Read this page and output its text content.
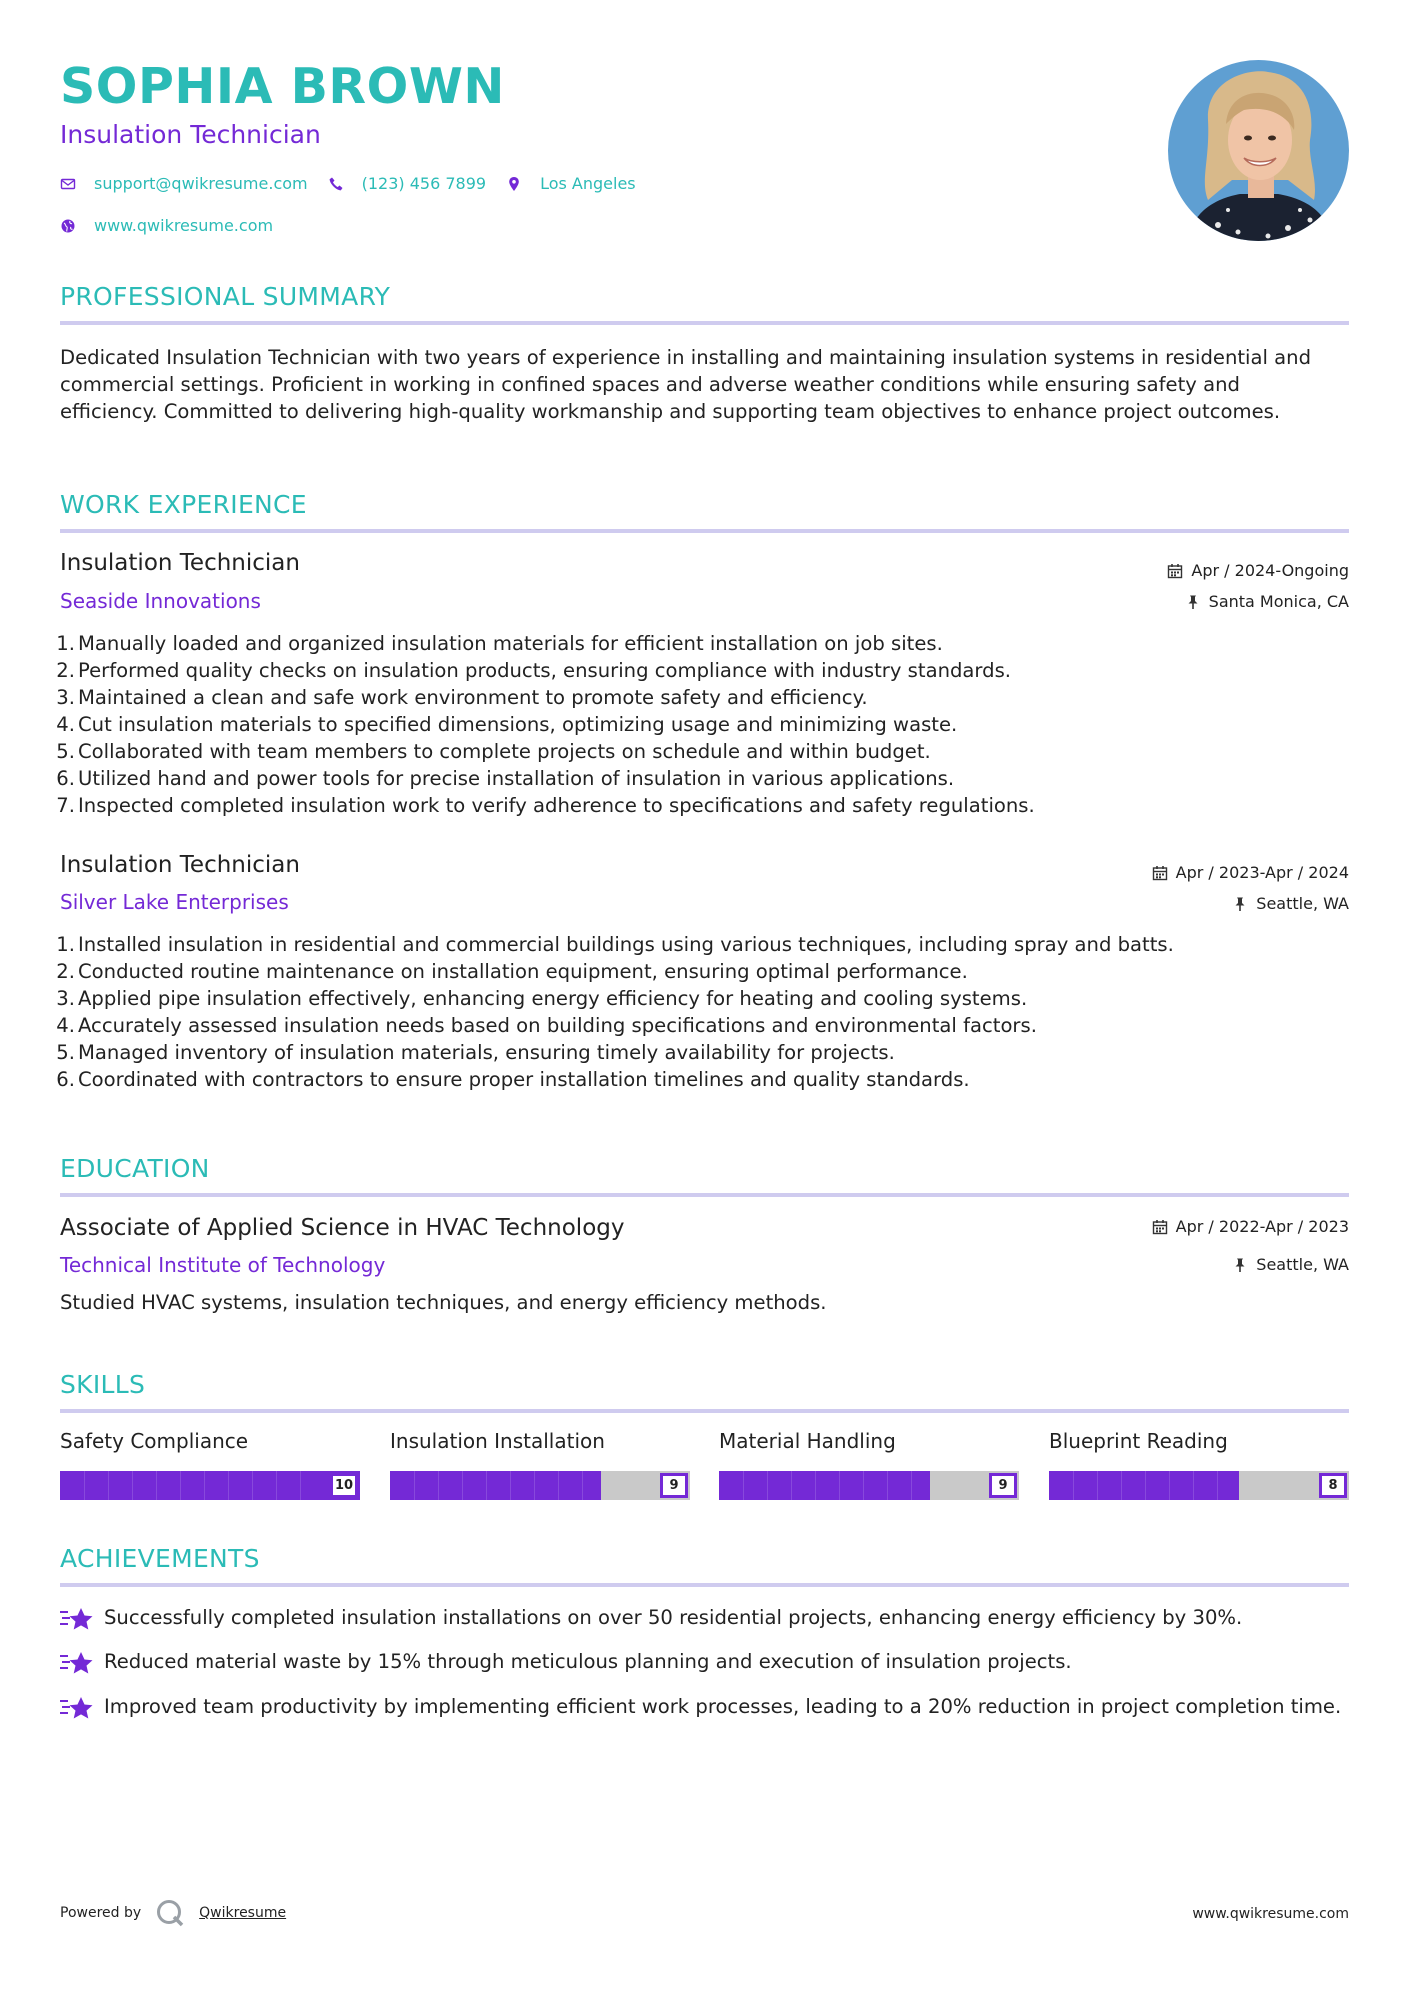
SOPHIA BROWN
Insulation Technician
support@qwikresume.com	(123) 456 7899	Los Angeles
www.qwikresume.com
PROFESSIONAL SUMMARY
Dedicated Insulation Technician with two years of experience in installing and maintaining insulation systems in residential and commercial settings. Proficient in working in confined spaces and adverse weather conditions while ensuring safety and efficiency. Committed to delivering high-quality workmanship and supporting team objectives to enhance project outcomes.
WORK EXPERIENCE
Insulation Technician
Seaside Innovations
Apr / 2024-Ongoing
Santa Monica, CA
1. Manually loaded and organized insulation materials for efficient installation on job sites.
2. Performed quality checks on insulation products, ensuring compliance with industry standards.
3. Maintained a clean and safe work environment to promote safety and efficiency.
4. Cut insulation materials to specified dimensions, optimizing usage and minimizing waste.
5. Collaborated with team members to complete projects on schedule and within budget.
6. Utilized hand and power tools for precise installation of insulation in various applications.
7. Inspected completed insulation work to verify adherence to specifications and safety regulations.
Insulation Technician
Silver Lake Enterprises
Apr / 2023-Apr / 2024
Seattle, WA
1. Installed insulation in residential and commercial buildings using various techniques, including spray and batts.
2. Conducted routine maintenance on installation equipment, ensuring optimal performance.
3. Applied pipe insulation effectively, enhancing energy efficiency for heating and cooling systems.
4. Accurately assessed insulation needs based on building specifications and environmental factors.
5. Managed inventory of insulation materials, ensuring timely availability for projects.
6. Coordinated with contractors to ensure proper installation timelines and quality standards.
EDUCATION
Associate of Applied Science in HVAC Technology
Technical Institute of Technology
Apr / 2022-Apr / 2023
Seattle, WA
Studied HVAC systems, insulation techniques, and energy efficiency methods.
SKILLS
Safety Compliance
10
Insulation Installation
9
Material Handling
9
Blueprint Reading
8
ACHIEVEMENTS
Successfully completed insulation installations on over 50 residential projects, enhancing energy efficiency by 30%.
Reduced material waste by 15% through meticulous planning and execution of insulation projects.
Improved team productivity by implementing efficient work processes, leading to a 20% reduction in project completion time.
Powered by	Qwikresume	www.qwikresume.com
